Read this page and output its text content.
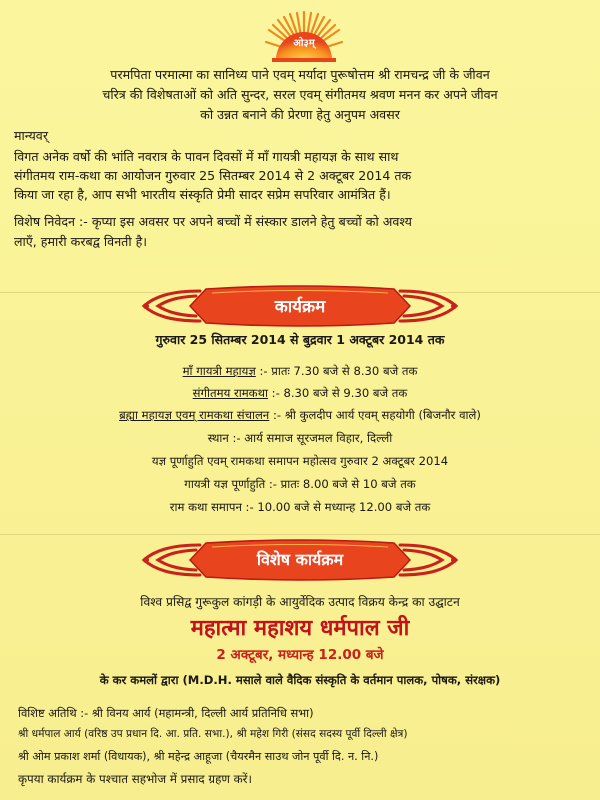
ओ३म्
परमपिता परमात्मा का सानिध्य पाने एवम् मर्यादा पुरूषोत्तम श्री रामचन्द्र जी के जीवन
चरित्र की विशेषताओं को अति सुन्दर, सरल एवम् संगीतमय श्रवण मनन कर अपने जीवन
को उन्नत बनाने की प्रेरणा हेतु अनुपम अवसर
मान्यवर्
विगत अनेक वर्षो की भांति नवरात्र के पावन दिवसों में माँ गायत्री महायज्ञ के साथ साथ
संगीतमय राम-कथा का आयोजन गुरुवार 25 सितम्बर 2014 से 2 अक्टूबर 2014 तक
किया जा रहा है, आप सभी भारतीय संस्कृति प्रेमी सादर सप्रेम सपरिवार आमंत्रित हैं।
विशेष निवेदन :- कृप्या इस अवसर पर अपने बच्चों में संस्कार डालने हेतु बच्चों को अवश्य
लाएँ, हमारी करबद्व विनती है।
कार्यक्रम
गुरुवार 25 सितम्बर 2014 से बुद्रवार 1 अक्टूबर 2014 तक
माँ गायत्री महायज्ञ :- प्रातः 7.30 बजे से 8.30 बजे तक
संगीतमय रामकथा :- 8.30 बजे से 9.30 बजे तक
ब्रह्मा महायज्ञ एवम् रामकथा संचालन :- श्री कुलदीप आर्य एवम् सहयोगी (बिजनौर वाले)
स्थान :- आर्य समाज सूरजमल विहार, दिल्ली
यज्ञ पूर्णाहुति एवम् रामकथा समापन महोत्सव गुरुवार 2 अक्टूबर 2014
गायत्री यज्ञ पूर्णाहुति :- प्रातः 8.00 बजे से 10 बजे तक
राम कथा समापन :- 10.00 बजे से मध्यान्ह 12.00 बजे तक
विशेष कार्यक्रम
विश्व प्रसिद्व गुरूकुल कांगड़ी के आयुर्वेदिक उत्पाद विक्रय केन्द्र का उद्घाटन
महात्मा महाशय धर्मपाल जी
2 अक्टूबर, मध्यान्ह 12.00 बजे
के कर कमलों द्वारा (M.D.H. मसाले वाले वैदिक संस्कृति के वर्तमान पालक, पोषक, संरक्षक)
विशिष्ट अतिथि :- श्री विनय आर्य (महामन्त्री, दिल्ली आर्य प्रतिनिधि सभा)
श्री धर्मपाल आर्य (वरिष्ठ उप प्रधान दि. आ. प्रति. सभा.), श्री महेश गिरी (संसद सदस्य पूर्वी दिल्ली क्षेत्र)
श्री ओम प्रकाश शर्मा (विधायक), श्री महेन्द्र आहूजा (चैयरमैन साउथ जोन पूर्वी दि. न. नि.)
कृपया कार्यक्रम के पश्चात सहभोज में प्रसाद ग्रहण करें।
